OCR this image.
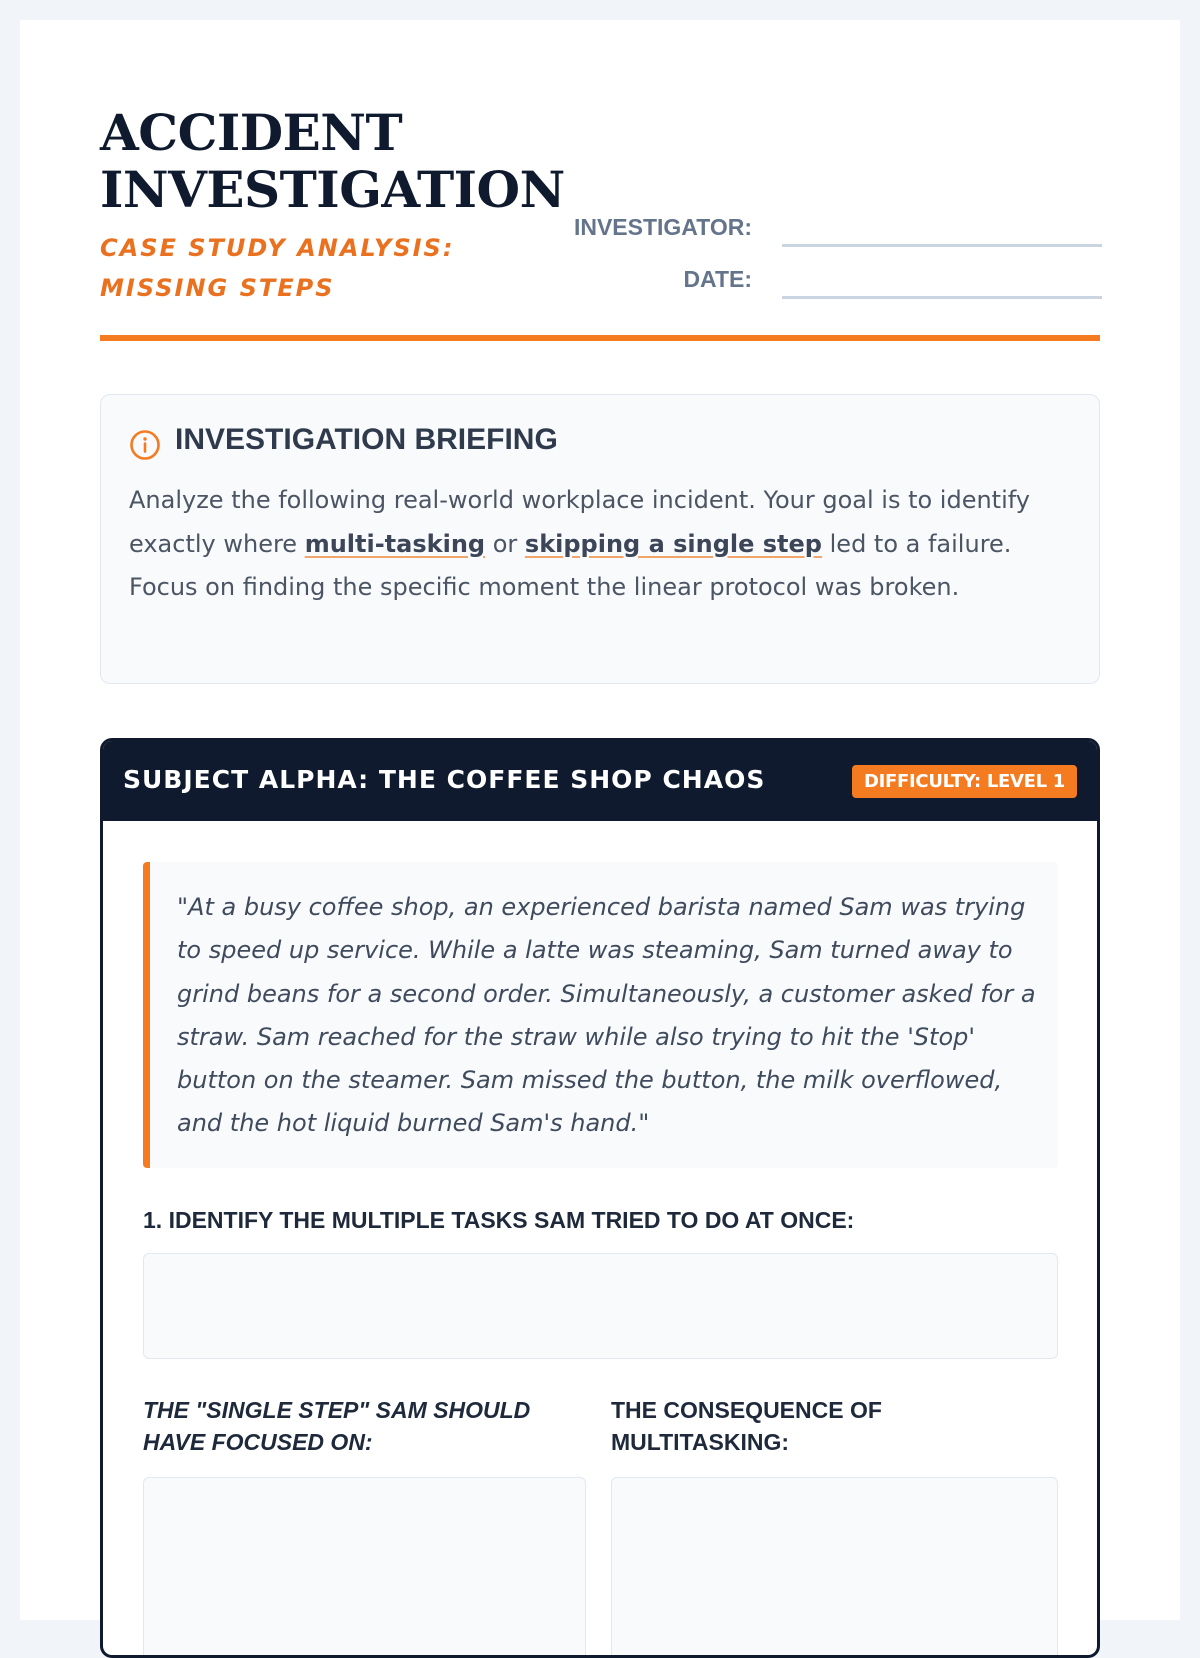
ACCIDENT
INVESTIGATION
CASE STUDY ANALYSIS:
MISSING STEPS
INVESTIGATOR:
DATE:
INVESTIGATION BRIEFING

Analyze the following real-world workplace incident. Your goal is to identify exactly where multi-tasking or skipping a single step led to a failure. Focus on finding the specific moment the linear protocol was broken.

SUBJECT ALPHA: THE COFFEE SHOP CHAOS	DIFFICULTY: LEVEL 1

"At a busy coffee shop, an experienced barista named Sam was trying to speed up service. While a latte was steaming, Sam turned away to grind beans for a second order. Simultaneously, a customer asked for a straw. Sam reached for the straw while also trying to hit the 'Stop' button on the steamer. Sam missed the button, the milk overflowed, and the hot liquid burned Sam's hand."

1. IDENTIFY THE MULTIPLE TASKS SAM TRIED TO DO AT ONCE:
THE "SINGLE STEP" SAM SHOULD HAVE FOCUSED ON:
THE CONSEQUENCE OF MULTITASKING:
